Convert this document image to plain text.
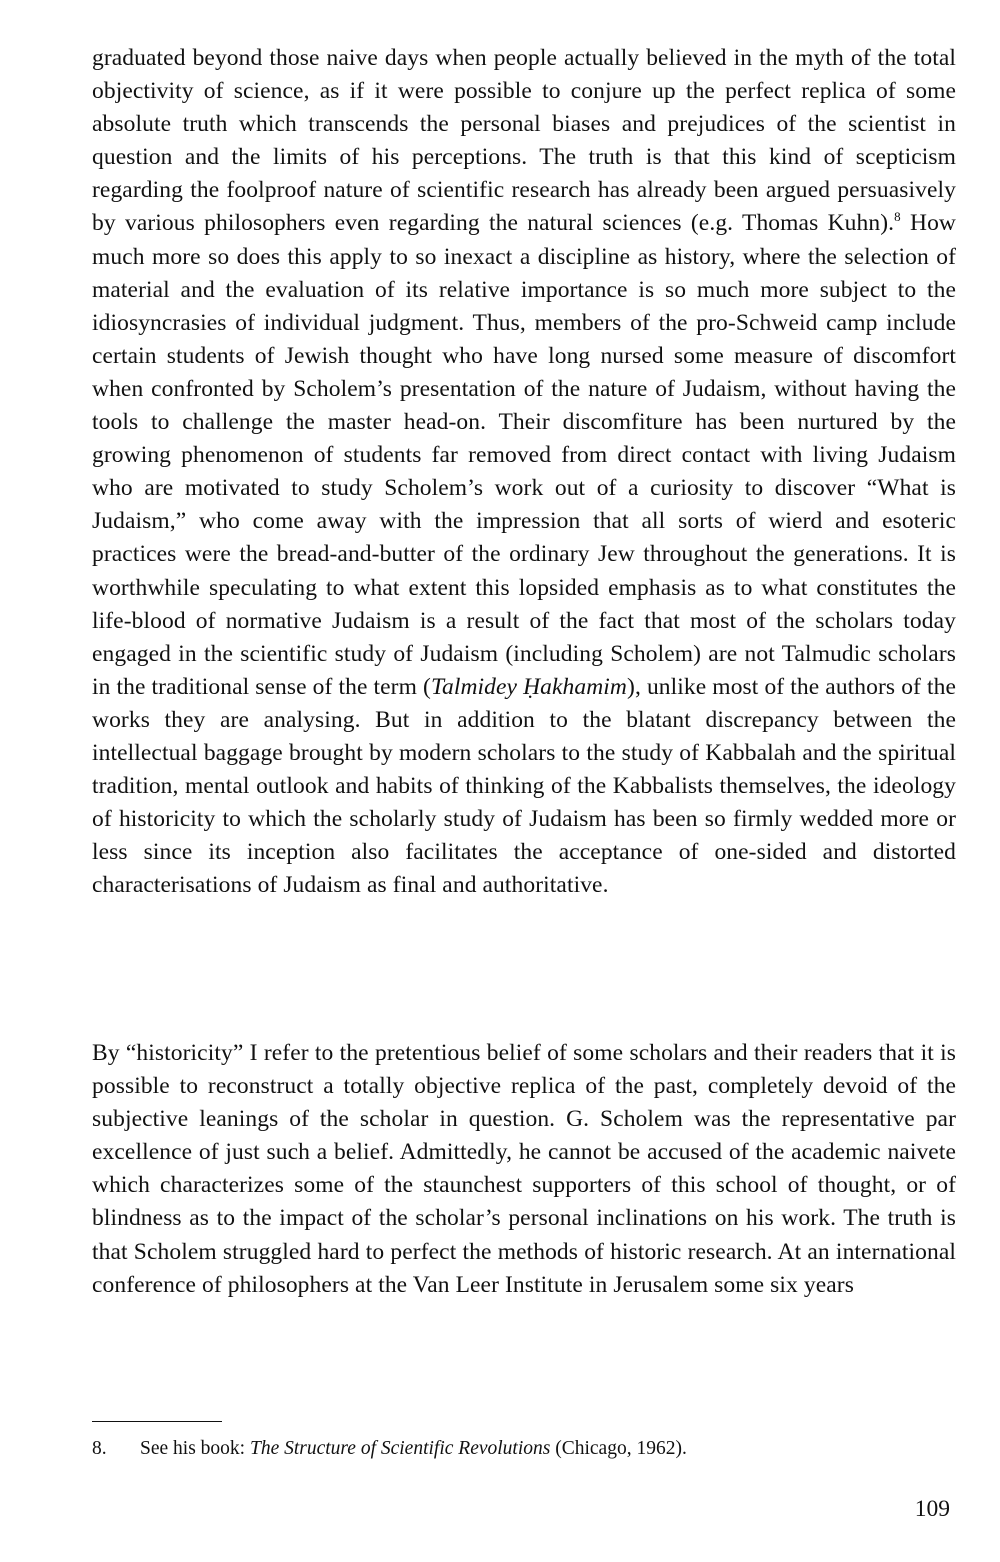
graduated beyond those naive days when people actually believed in the myth of the total objectivity of science, as if it were possible to conjure up the perfect replica of some absolute truth which transcends the personal biases and prejudices of the scientist in question and the limits of his perceptions. The truth is that this kind of scepticism regarding the foolproof nature of scientific research has already been argued persuasively by various philosophers even regarding the natural sciences (e.g. Thomas Kuhn).$^8$ How much more so does this apply to so inexact a discipline as history, where the selection of material and the evaluation of its relative importance is so much more subject to the idiosyncrasies of individual judgment. Thus, members of the pro-Schweid camp include certain students of Jewish thought who have long nursed some measure of discomfort when confronted by Scholem’s presentation of the nature of Judaism, without having the tools to challenge the master head-on. Their discomfiture has been nurtured by the growing phenomenon of students far removed from direct contact with living Judaism who are motivated to study Scholem’s work out of a curiosity to discover “What is Judaism,” who come away with the impression that all sorts of wierd and esoteric practices were the bread-and-butter of the ordinary Jew throughout the generations. It is worthwhile speculating to what extent this lopsided emphasis as to what constitutes the life-blood of normative Judaism is a result of the fact that most of the scholars today engaged in the scientific study of Judaism (including Scholem) are not Talmudic scholars in the traditional sense of the term (Talmidey Ḥakhamim), unlike most of the authors of the works they are analysing. But in addition to the blatant discrepancy between the intellectual baggage brought by modern scholars to the study of Kabbalah and the spiritual tradition, mental outlook and habits of thinking of the Kabbalists themselves, the ideology of historicity to which the scholarly study of Judaism has been so firmly wedded more or less since its inception also facilitates the acceptance of one-sided and distorted characterisations of Judaism as final and authoritative.

By “historicity” I refer to the pretentious belief of some scholars and their readers that it is possible to reconstruct a totally objective replica of the past, completely devoid of the subjective leanings of the scholar in question. G. Scholem was the representative par excellence of just such a belief. Admittedly, he cannot be accused of the academic naivete which characterizes some of the staunchest supporters of this school of thought, or of blindness as to the impact of the scholar’s personal inclinations on his work. The truth is that Scholem struggled hard to perfect the methods of historic research. At an international conference of philosophers at the Van Leer Institute in Jerusalem some six years

8. See his book: The Structure of Scientific Revolutions (Chicago, 1962).
109
